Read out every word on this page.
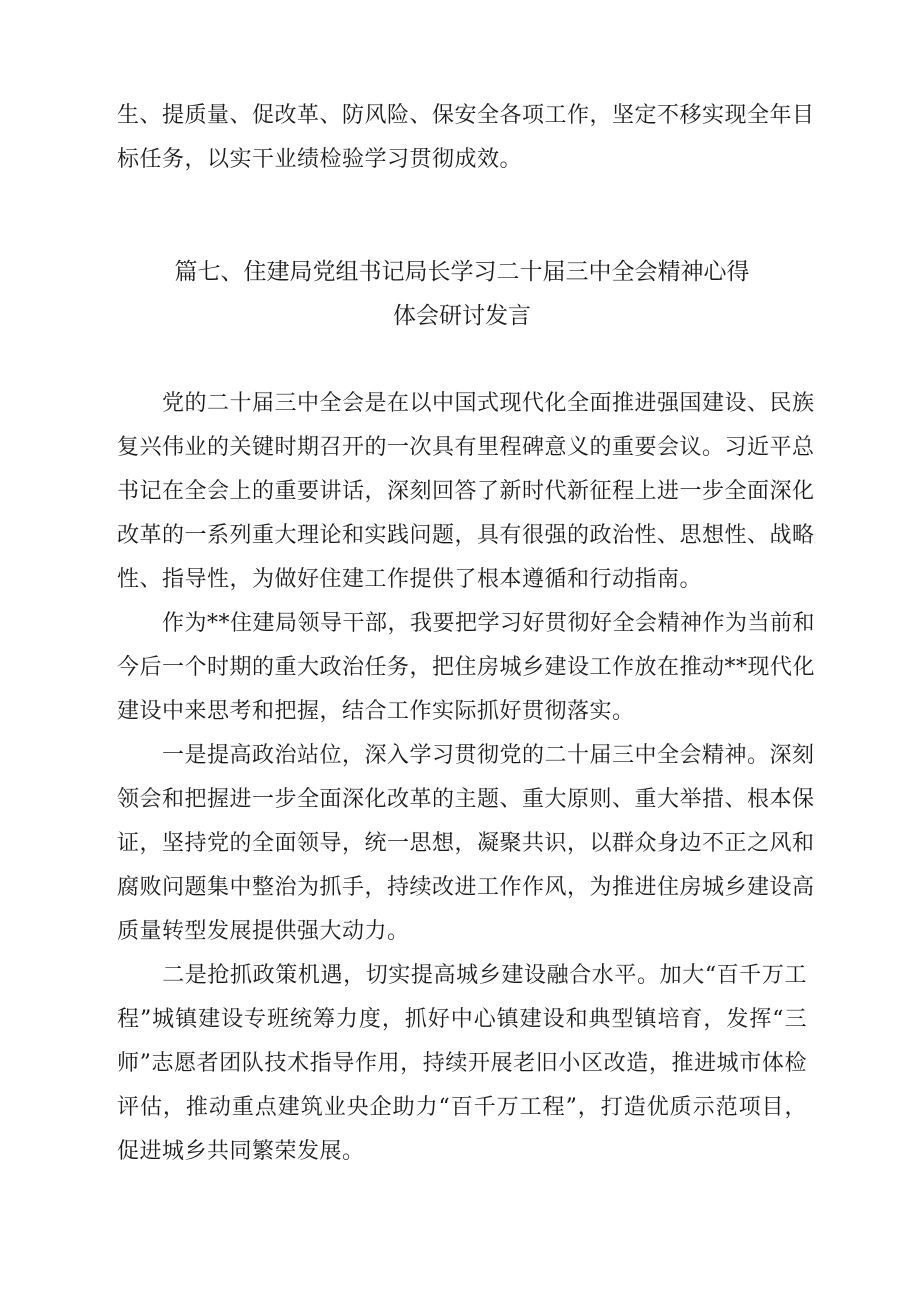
生、提质量、促改革、防风险、保安全各项工作，坚定不移实现全年目
标任务，以实干业绩检验学习贯彻成效。
篇七、住建局党组书记局长学习二十届三中全会精神心得
体会研讨发言
　　党的二十届三中全会是在以中国式现代化全面推进强国建设、民族
复兴伟业的关键时期召开的一次具有里程碑意义的重要会议。习近平总
书记在全会上的重要讲话，深刻回答了新时代新征程上进一步全面深化
改革的一系列重大理论和实践问题，具有很强的政治性、思想性、战略
性、指导性，为做好住建工作提供了根本遵循和行动指南。
　　作为**住建局领导干部，我要把学习好贯彻好全会精神作为当前和
今后一个时期的重大政治任务，把住房城乡建设工作放在推动**现代化
建设中来思考和把握，结合工作实际抓好贯彻落实。
　　一是提高政治站位，深入学习贯彻党的二十届三中全会精神。深刻
领会和把握进一步全面深化改革的主题、重大原则、重大举措、根本保
证，坚持党的全面领导，统一思想，凝聚共识，以群众身边不正之风和
腐败问题集中整治为抓手，持续改进工作作风，为推进住房城乡建设高
质量转型发展提供强大动力。
　　二是抢抓政策机遇，切实提高城乡建设融合水平。加大“百千万工
程”城镇建设专班统筹力度，抓好中心镇建设和典型镇培育，发挥“三
师”志愿者团队技术指导作用，持续开展老旧小区改造，推进城市体检
评估，推动重点建筑业央企助力“百千万工程”，打造优质示范项目，
促进城乡共同繁荣发展。
